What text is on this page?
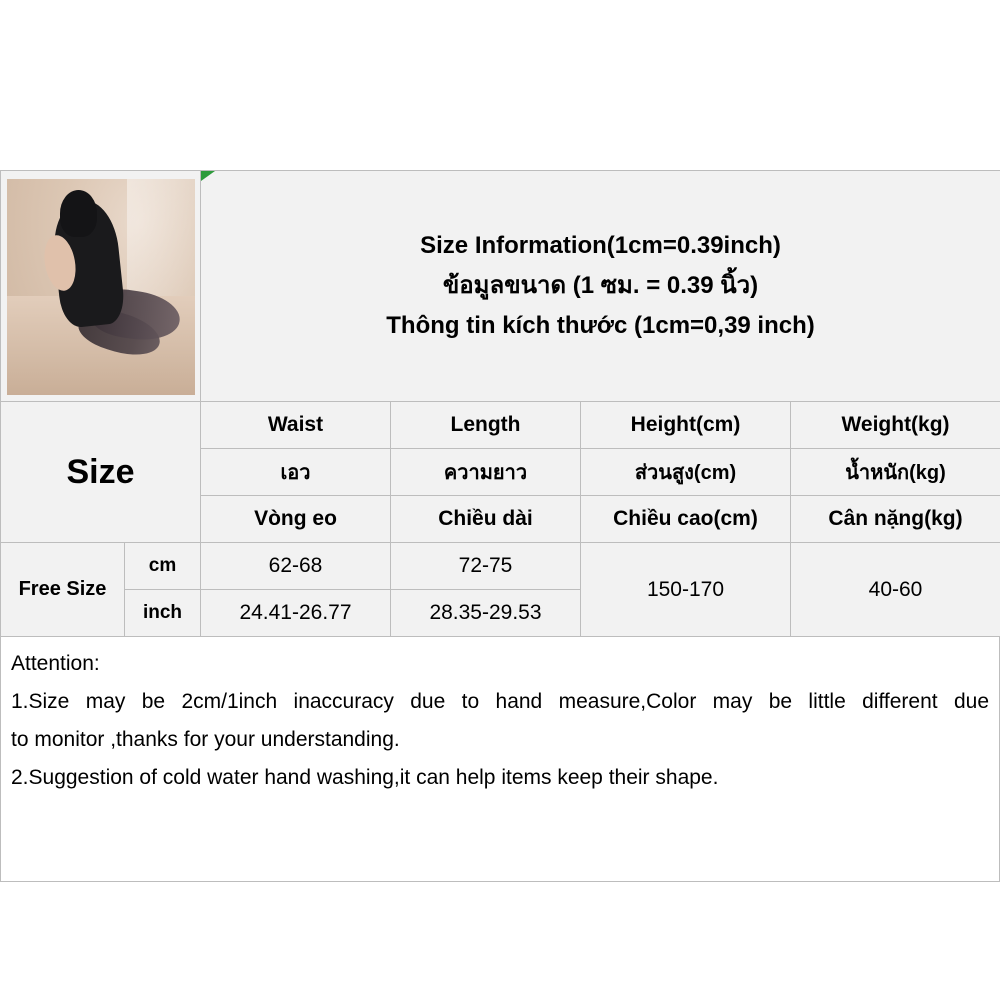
		Size Information(1cm=0.39inch)
ข้อมูลขนาด (1 ซม. = 0.39 นิ้ว)
Thông tin kích thước (1cm=0,39 inch)			

Size		Waist	Length	Height(cm)	Weight(kg)
		เอว	ความยาว	ส่วนสูง(cm)	น้ำหนัก(kg)
		Vòng eo	Chiều dài	Chiều cao(cm)	Cân nặng(kg)
Free Size	cm	62-68	72-75	150-170	40-60
	inch	24.41-26.77	28.35-29.53		
Attention:
1.Size may be 2cm/1inch inaccuracy due to hand measure,Color may be little different due
to monitor ,thanks for your understanding.
2.Suggestion of cold water hand washing,it can help items keep their shape.
